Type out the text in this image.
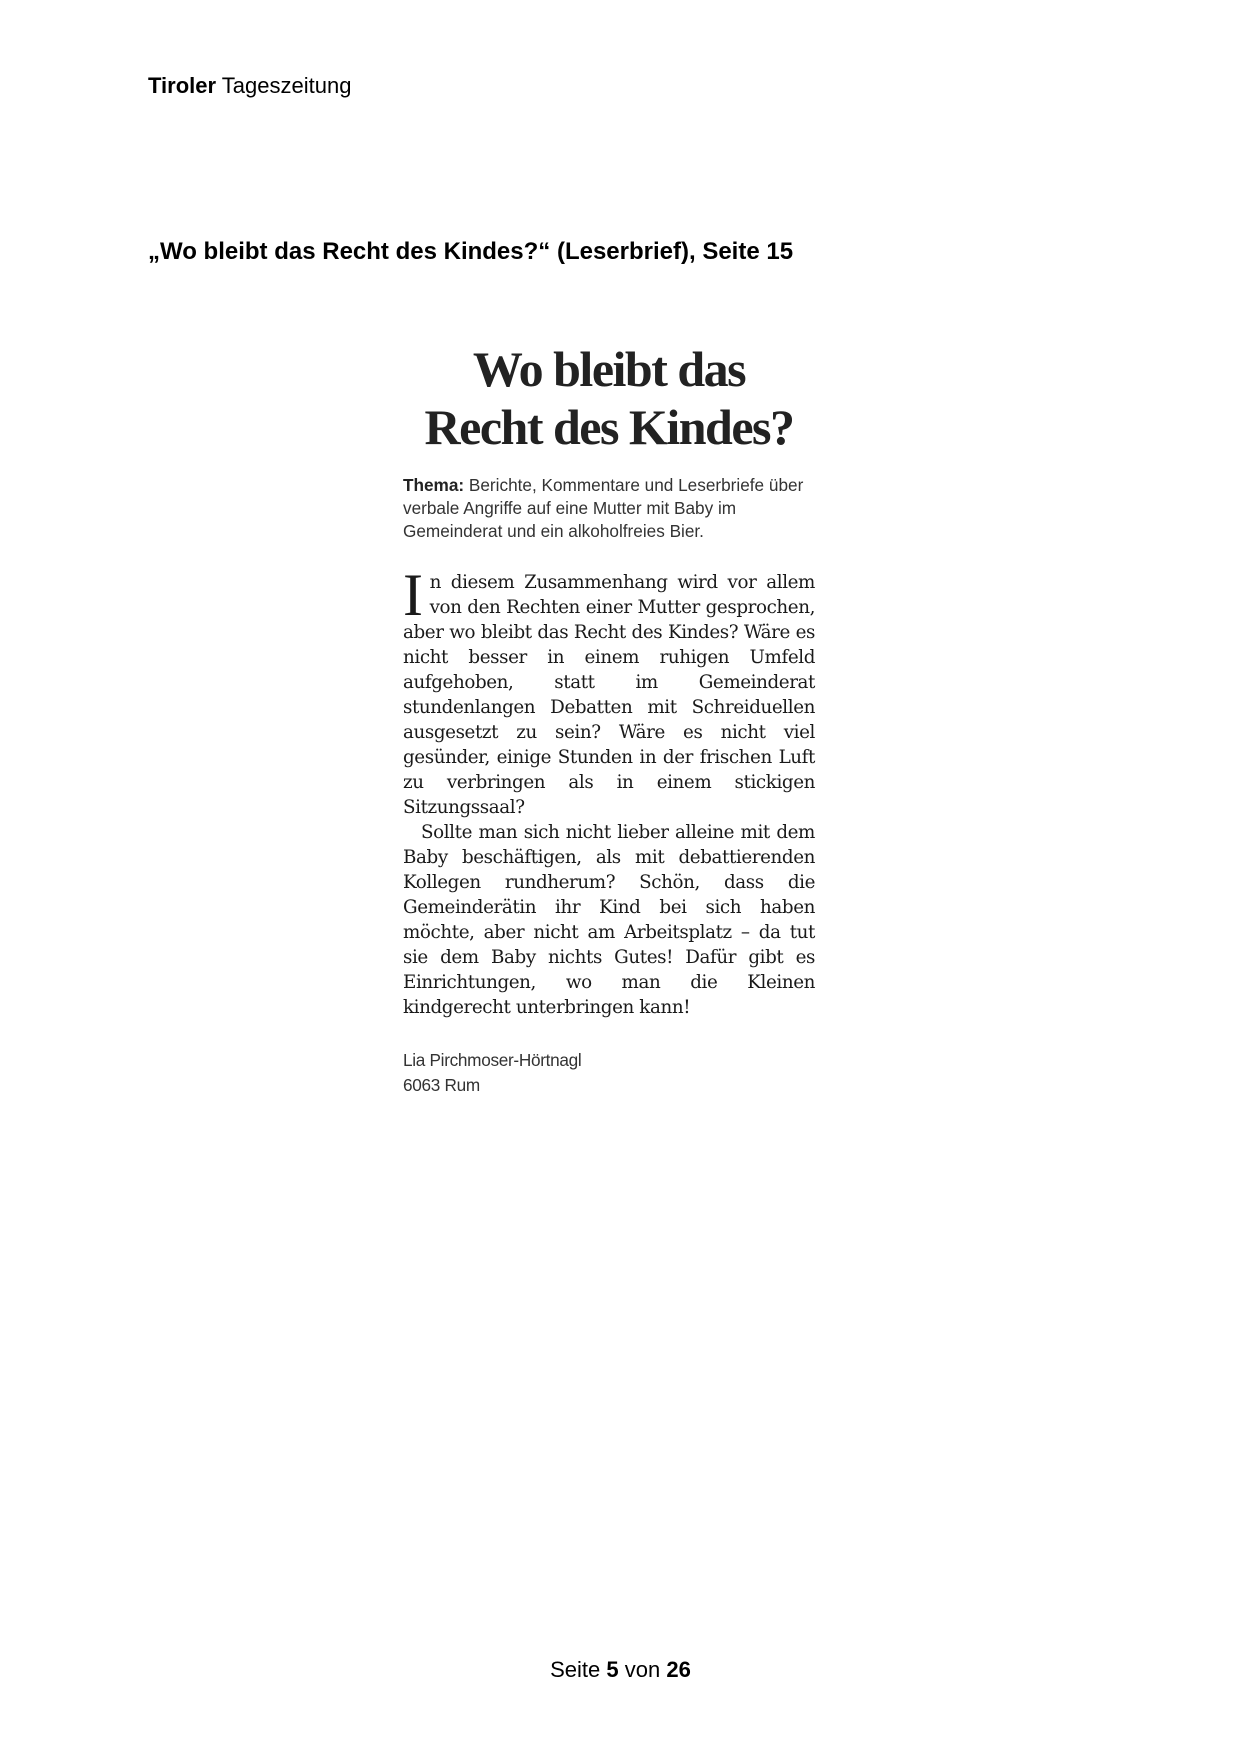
Tiroler Tageszeitung
„Wo bleibt das Recht des Kindes?“ (Leserbrief), Seite 15
Wo bleibt das
Recht des Kindes?
Thema: Berichte, Kommentare und Leserbriefe über verbale Angriffe auf eine Mutter mit Baby im Gemeinderat und ein alkoholfreies Bier.

In diesem Zusammenhang wird vor allem von den Rechten einer Mutter gesprochen, aber wo bleibt das Recht des Kindes? Wäre es nicht besser in einem ruhigen Umfeld aufgehoben, statt im Gemeinderat stundenlangen Debatten mit Schreiduellen ausgesetzt zu sein? Wäre es nicht viel gesünder, einige Stunden in der frischen Luft zu verbringen als in einem stickigen Sitzungssaal?

Sollte man sich nicht lieber alleine mit dem Baby beschäftigen, als mit debattierenden Kollegen rundherum? Schön, dass die Gemeinderätin ihr Kind bei sich haben möchte, aber nicht am Arbeitsplatz – da tut sie dem Baby nichts Gutes! Dafür gibt es Einrichtungen, wo man die Kleinen kindgerecht unterbringen kann!

Lia Pirchmoser-Hörtnagl
6063 Rum
Seite 5 von 26
